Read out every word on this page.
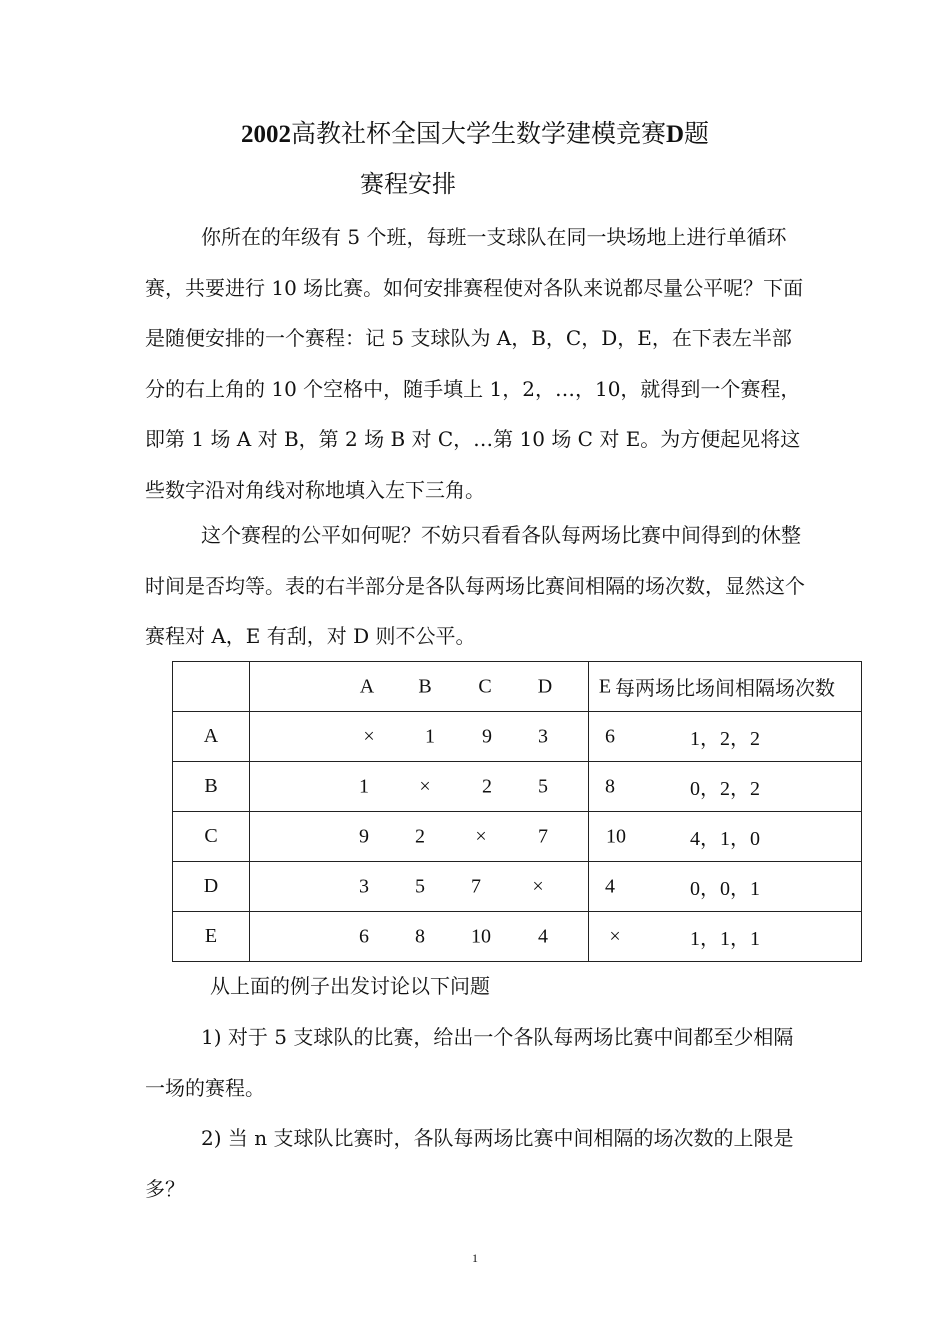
2002高教社杯全国大学生数学建模竞赛D题
赛程安排

你所在的年级有 5 个班，每班一支球队在同一块场地上进行单循环赛，共要进行 10 场比赛。如何安排赛程使对各队来说都尽量公平呢？下面是随便安排的一个赛程：记 5 支球队为 A，B，C，D，E，在下表左半部分的右上角的 10 个空格中，随手填上 1，2，…，10，就得到一个赛程，即第 1 场 A 对 B，第 2 场 B 对 C，…第 10 场 C 对 E。为方便起见将这些数字沿对角线对称地填入左下三角。

这个赛程的公平如何呢？不妨只看看各队每两场比赛中间得到的休整时间是否均等。表的右半部分是各队每两场比赛间相隔的场次数，显然这个赛程对 A，E 有刮，对 D 则不公平。

	A B C D E	每两场比场间相隔场次数
A	× 1 9 3 6	1，2，2
B	1 × 2 5 8	0，2，2
C	9 2 × 7 10	4，1，0
D	3 5 7 × 4	0，0，1
E	6 8 10 4 ×	1，1，1

从上面的例子出发讨论以下问题

1) 对于 5 支球队的比赛，给出一个各队每两场比赛中间都至少相隔一场的赛程。

2) 当 n 支球队比赛时，各队每两场比赛中间相隔的场次数的上限是多？

1
